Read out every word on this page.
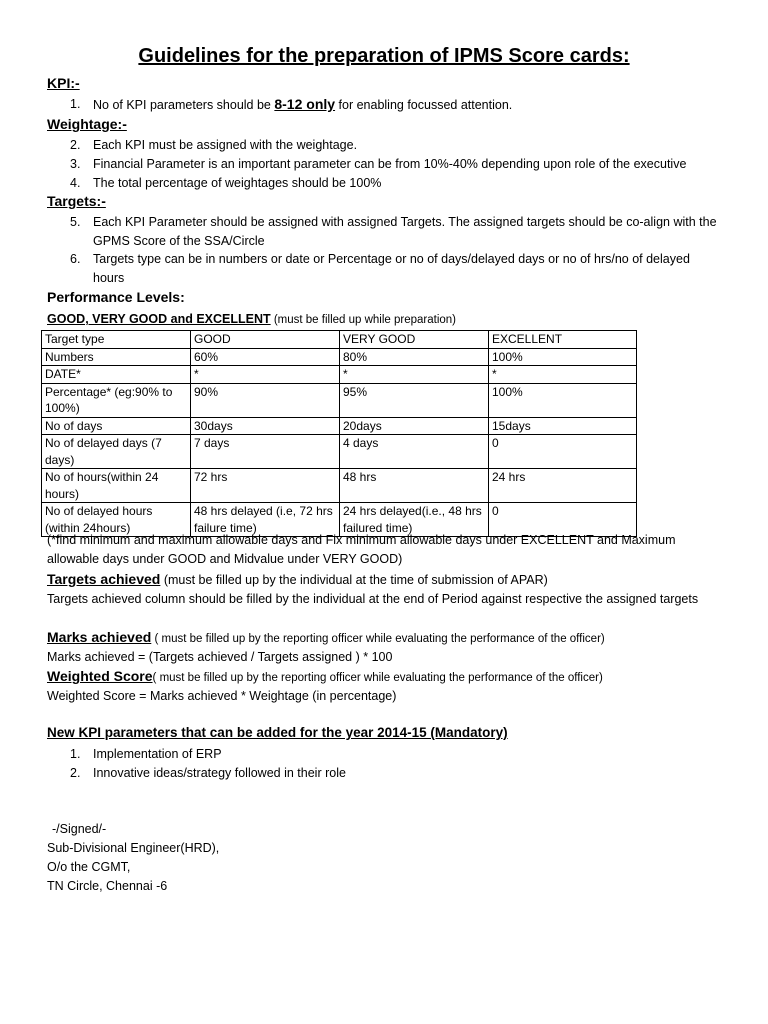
Guidelines for the preparation of IPMS Score cards:
KPI:-
1. No of KPI parameters should be 8-12 only for enabling focussed attention.
Weightage:-
2. Each KPI must be assigned with the weightage.
3. Financial Parameter is an important parameter can be from 10%-40% depending upon role of the executive
4. The total percentage of weightages should be 100%
Targets:-
5. Each KPI Parameter should be assigned with assigned Targets. The assigned targets should be co-align with the GPMS Score of the SSA/Circle
6. Targets type can be in numbers or date or Percentage or no of days/delayed days or no of hrs/no of delayed hours
Performance Levels:
GOOD, VERY GOOD and EXCELLENT (must be filled up while preparation)
Target type	GOOD	VERY GOOD	EXCELLENT
Numbers	60%	80%	100%
DATE*	*	*	*
Percentage* (eg:90% to 100%)	90%	95%	100%
No of days	30days	20days	15days
No of delayed days (7 days)	7 days	4 days	0
No of hours(within 24 hours)	72 hrs	48 hrs	24 hrs
No of delayed hours (within 24hours)	48 hrs delayed (i.e, 72 hrs failure time)	24 hrs delayed(i.e., 48 hrs failured time)	0
(*find minimum and maximum allowable days and Fix minimum allowable days under EXCELLENT and Maximum allowable days under GOOD and Midvalue under VERY GOOD)
Targets achieved (must be filled up by the individual at the time of submission of APAR)
Targets achieved column should be filled by the individual at the end of Period against respective the assigned targets
Marks achieved ( must be filled up by the reporting officer while evaluating the performance of the officer)
Marks achieved = (Targets achieved / Targets assigned ) * 100
Weighted Score( must be filled up by the reporting officer while evaluating the performance of the officer)
Weighted Score = Marks achieved * Weightage (in percentage)
New KPI parameters that can be added for the year 2014-15 (Mandatory)
1. Implementation of ERP
2. Innovative ideas/strategy followed in their role
-/Signed/-
Sub-Divisional Engineer(HRD),
O/o the CGMT,
TN Circle, Chennai -6
